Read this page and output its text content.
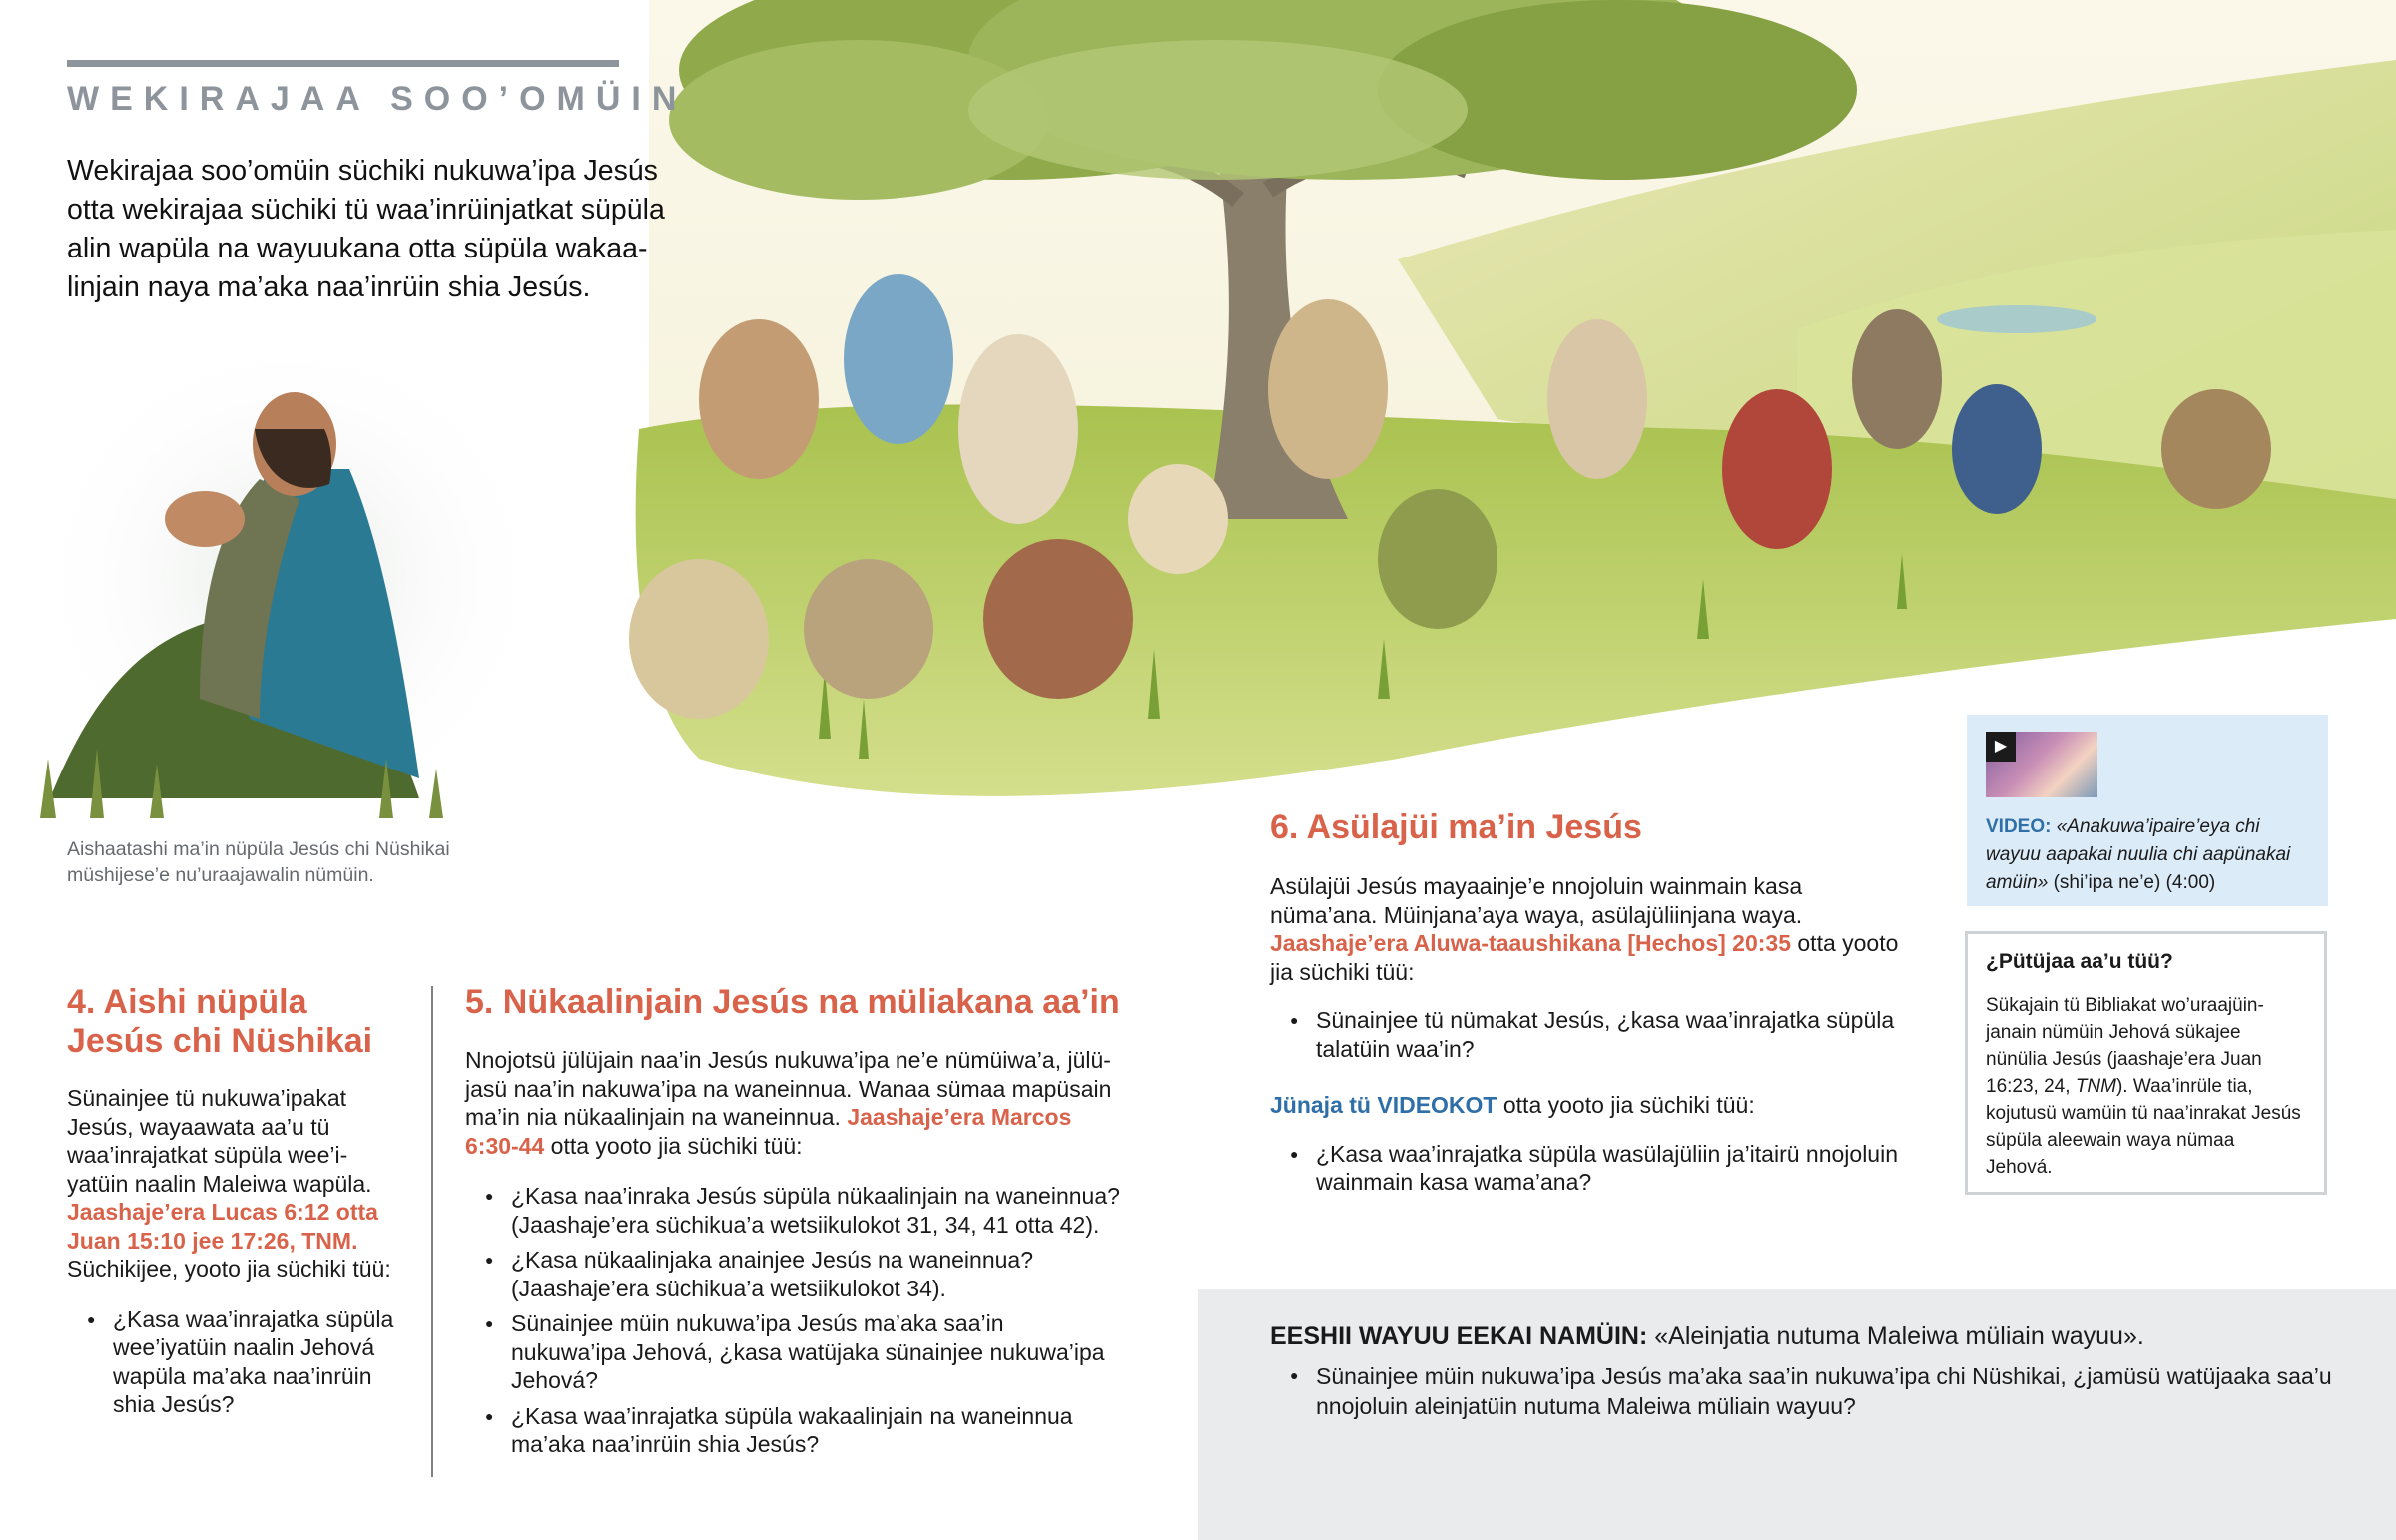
WEKIRAJAA SOO’OMÜIN
Wekirajaa soo’omüin süchiki nukuwa’ipa Jesús otta wekirajaa süchiki tü waa’inrüinjatkat süpüla alin wapüla na wayuukana otta süpüla wakaa-linjain naya ma’aka naa’inrüin shia Jesús.
Aishaatashi ma’in nüpüla Jesús chi Nüshikai müshijese’e nu’uraajawalin nümüin.
4. Aishi nüpüla Jesús chi Nüshikai
Sünainjee tü nukuwa’ipakat Jesús, wayaawata aa’u tü waa’inrajatkat süpüla wee’i-yatüin naalin Maleiwa wapüla. Jaashaje’era Lucas 6:12 otta Juan 15:10 jee 17:26, TNM. Süchikijee, yooto jia süchiki tüü:
● ¿Kasa waa’inrajatka süpüla wee’iyatüin naalin Jehová wapüla ma’aka naa’inrüin shia Jesús?
5. Nükaalinjain Jesús na müliakana aa’in
Nnojotsü jülüjain naa’in Jesús nukuwa’ipa ne’e nümüiwa’a, jülü-jasü naa’in nakuwa’ipa na waneinnua. Wanaa sümaa mapüsain ma’in nia nükaalinjain na waneinnua. Jaashaje’era Marcos 6:30-44 otta yooto jia süchiki tüü:
● ¿Kasa naa’inraka Jesús süpüla nükaalinjain na waneinnua? (Jaashaje’era süchikua’a wetsiikulokot 31, 34, 41 otta 42).
● ¿Kasa nükaalinjaka anainjee Jesús na waneinnua? (Jaashaje’era süchikua’a wetsiikulokot 34).
● Sünainjee müin nukuwa’ipa Jesús ma’aka saa’in nukuwa’ipa Jehová, ¿kasa watüjaka sünainjee nukuwa’ipa Jehová?
● ¿Kasa waa’inrajatka süpüla wakaalinjain na waneinnua ma’aka naa’inrüin shia Jesús?
6. Asülajüi ma’in Jesús
Asülajüi Jesús mayaainje’e nnojoluin wainmain kasa nüma’ana. Müinjana’aya waya, asülajüliinjana waya. Jaashaje’era Aluwa-taaushikana [Hechos] 20:35 otta yooto jia süchiki tüü:
● Sünainjee tü nümakat Jesús, ¿kasa waa’inrajatka süpüla talatüin waa’in?
Jünaja tü VIDEOKOT otta yooto jia süchiki tüü:
● ¿Kasa waa’inrajatka süpüla wasülajüliin ja’itairü nnojoluin wainmain kasa wama’ana?
▶
VIDEO: «Anakuwa’ipaire’eya chi wayuu aapakai nuulia chi aapünakai amüin» (shi’ipa ne’e) (4:00)
¿Pütüjaa aa’u tüü?
Sükajain tü Bibliakat wo’uraajüin-janain nümüin Jehová sükajee nünülia Jesús (jaashaje’era Juan 16:23, 24, TNM). Waa’inrüle tia, kojutusü wamüin tü naa’inrakat Jesús süpüla aleewain waya nümaa Jehová.
EESHII WAYUU EEKAI NAMÜIN: «Aleinjatia nutuma Maleiwa müliain wayuu».
● Sünainjee müin nukuwa’ipa Jesús ma’aka saa’in nukuwa’ipa chi Nüshikai, ¿jamüsü watüjaaka saa’u nnojoluin aleinjatüin nutuma Maleiwa müliain wayuu?
